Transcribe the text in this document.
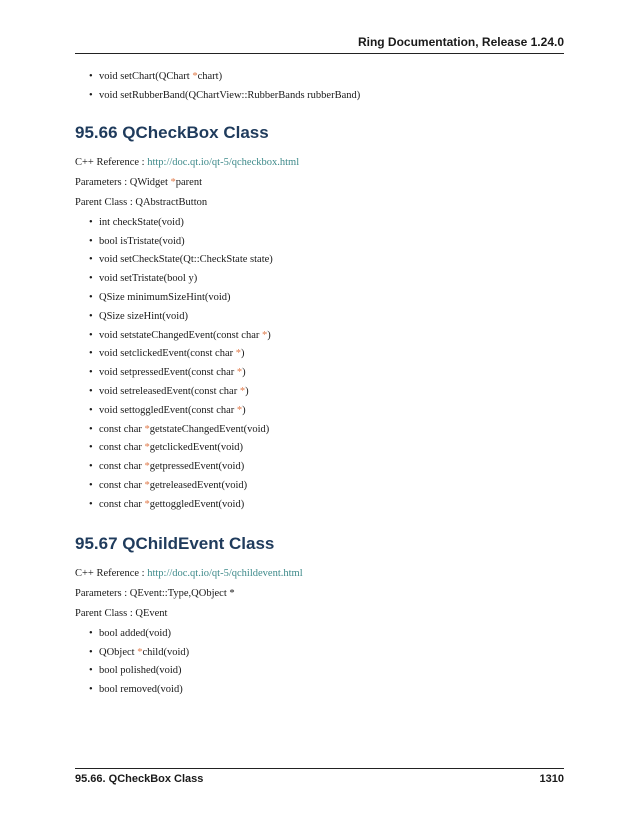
Ring Documentation, Release 1.24.0
• void setChart(QChart *chart)
• void setRubberBand(QChartView::RubberBands rubberBand)
95.66 QCheckBox Class

C++ Reference : http://doc.qt.io/qt-5/qcheckbox.html

Parameters : QWidget *parent

Parent Class : QAbstractButton

• int checkState(void)
• bool isTristate(void)
• void setCheckState(Qt::CheckState state)
• void setTristate(bool y)
• QSize minimumSizeHint(void)
• QSize sizeHint(void)
• void setstateChangedEvent(const char *)
• void setclickedEvent(const char *)
• void setpressedEvent(const char *)
• void setreleasedEvent(const char *)
• void settoggledEvent(const char *)
• const char *getstateChangedEvent(void)
• const char *getclickedEvent(void)
• const char *getpressedEvent(void)
• const char *getreleasedEvent(void)
• const char *gettoggledEvent(void)
95.67 QChildEvent Class

C++ Reference : http://doc.qt.io/qt-5/qchildevent.html

Parameters : QEvent::Type,QObject *

Parent Class : QEvent

• bool added(void)
• QObject *child(void)
• bool polished(void)
• bool removed(void)
95.66. QCheckBox Class	1310
